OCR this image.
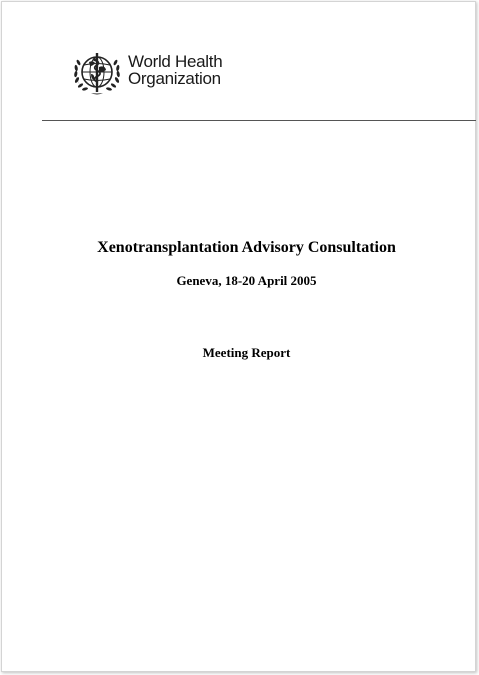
World Health
Organization
Xenotransplantation Advisory Consultation
Geneva, 18-20 April 2005
Meeting Report
